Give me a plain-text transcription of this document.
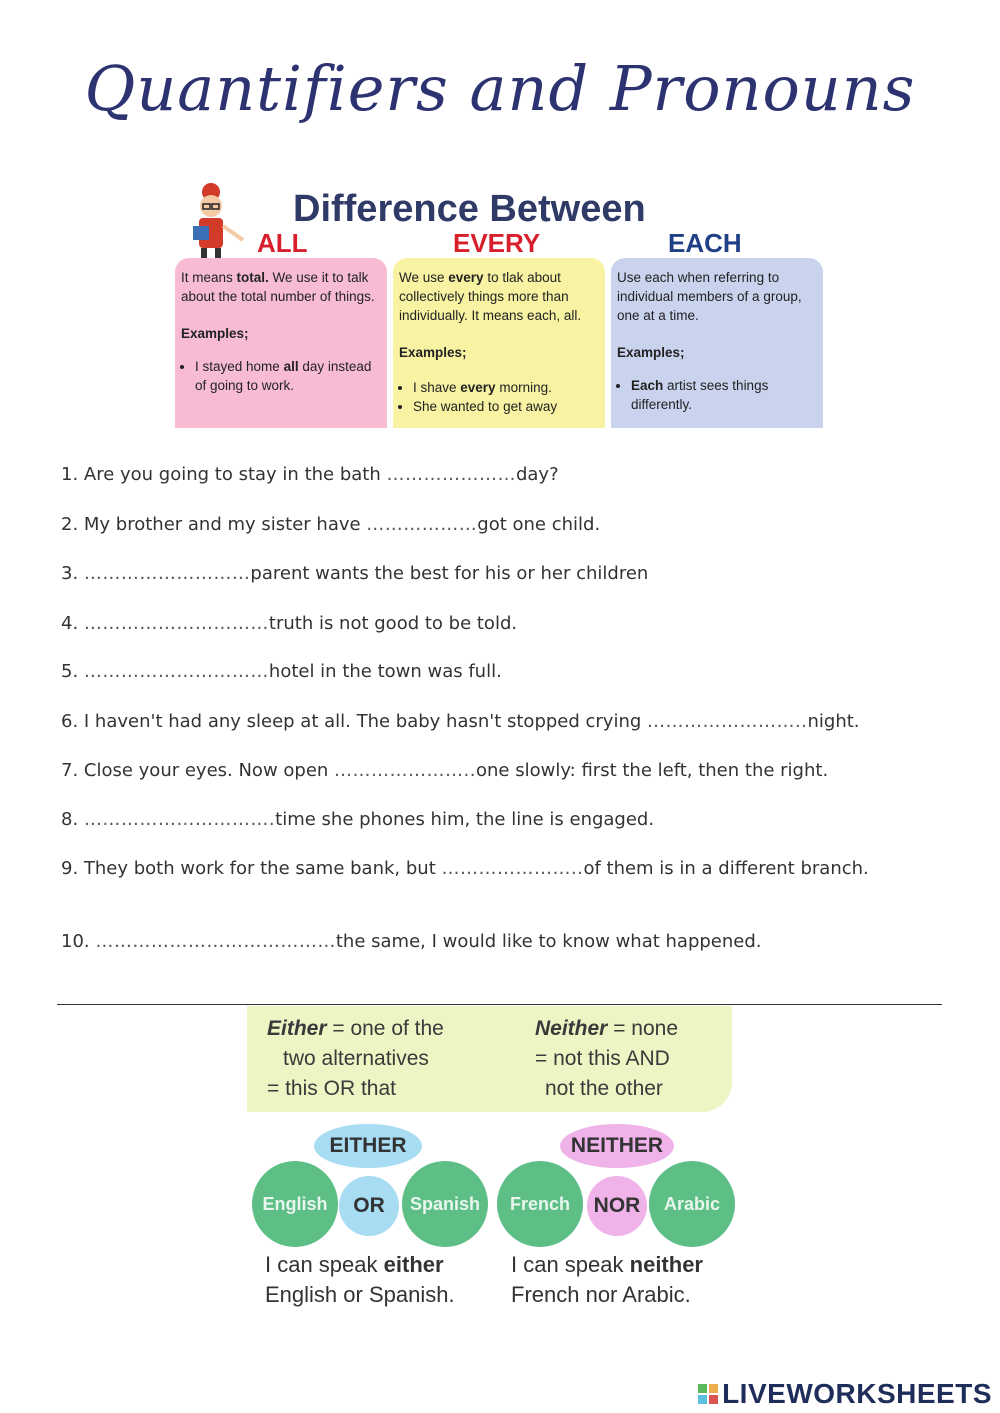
Quantifiers and Pronouns
Difference Between
ALL	EVERY	EACH

It means total. We use it to talk about the total number of things.

Examples;

• I stayed home all day instead of going to work.

We use every to tlak about collectively things more than individually. It means each, all.

Examples;

• I shave every morning.
• She wanted to get away

Use each when referring to individual members of a group, one at a time.

Examples;

• Each artist sees things differently.
1. Are you going to stay in the bath …………………day?
2. My brother and my sister have ………………got one child.
3. ………………………parent wants the best for his or her children
4. …………………………truth is not good to be told.
5. …………………………hotel in the town was full.
6. I haven't had any sleep at all. The baby hasn't stopped crying ……………………..night.
7. Close your eyes. Now open …………………..one slowly: first the left, then the right.
8. ………………………….time she phones him, the line is engaged.
9. They both work for the same bank, but …………………..of them is in a different branch.
10. …………………………………the same, I would like to know what happened.
Either = one of the
two alternatives
= this OR that
Neither = none
= not this AND
not the other
EITHER	NEITHER
English	OR	Spanish	French	NOR	Arabic
I can speak either
English or Spanish.
I can speak neither
French nor Arabic.
LIVEWORKSHEETS
